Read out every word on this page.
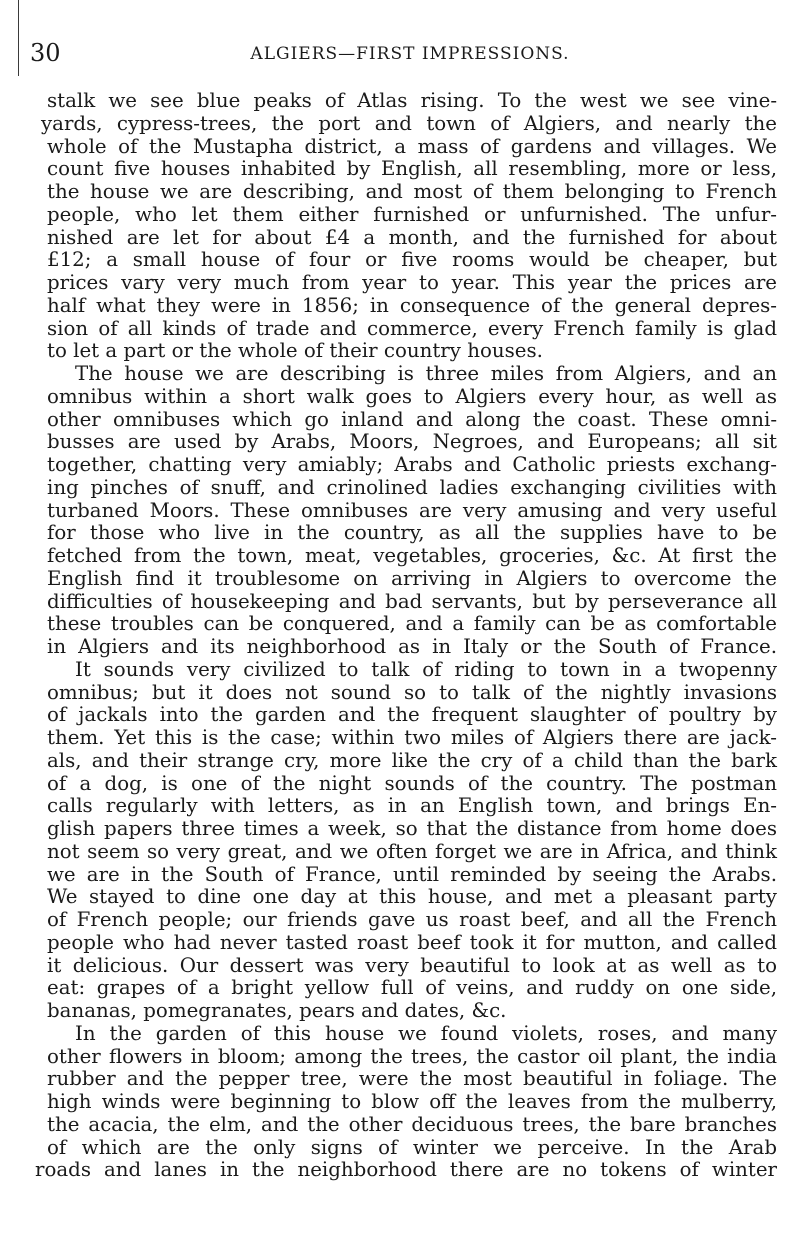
30	ALGIERS—FIRST IMPRESSIONS.
stalk we see blue peaks of Atlas rising. To the west we see vine-
yards, cypress-trees, the port and town of Algiers, and nearly the
whole of the Mustapha district, a mass of gardens and villages. We
count five houses inhabited by English, all resembling, more or less,
the house we are describing, and most of them belonging to French
people, who let them either furnished or unfurnished. The unfur-
nished are let for about £4 a month, and the furnished for about
£12; a small house of four or five rooms would be cheaper, but
prices vary very much from year to year. This year the prices are
half what they were in 1856; in consequence of the general depres-
sion of all kinds of trade and commerce, every French family is glad
to let a part or the whole of their country houses.
The house we are describing is three miles from Algiers, and an
omnibus within a short walk goes to Algiers every hour, as well as
other omnibuses which go inland and along the coast. These omni-
busses are used by Arabs, Moors, Negroes, and Europeans; all sit
together, chatting very amiably; Arabs and Catholic priests exchang-
ing pinches of snuff, and crinolined ladies exchanging civilities with
turbaned Moors. These omnibuses are very amusing and very useful
for those who live in the country, as all the supplies have to be
fetched from the town, meat, vegetables, groceries, &c. At first the
English find it troublesome on arriving in Algiers to overcome the
difficulties of housekeeping and bad servants, but by perseverance all
these troubles can be conquered, and a family can be as comfortable
in Algiers and its neighborhood as in Italy or the South of France.
It sounds very civilized to talk of riding to town in a twopenny
omnibus; but it does not sound so to talk of the nightly invasions
of jackals into the garden and the frequent slaughter of poultry by
them. Yet this is the case; within two miles of Algiers there are jack-
als, and their strange cry, more like the cry of a child than the bark
of a dog, is one of the night sounds of the country. The postman
calls regularly with letters, as in an English town, and brings En-
glish papers three times a week, so that the distance from home does
not seem so very great, and we often forget we are in Africa, and think
we are in the South of France, until reminded by seeing the Arabs.
We stayed to dine one day at this house, and met a pleasant party
of French people; our friends gave us roast beef, and all the French
people who had never tasted roast beef took it for mutton, and called
it delicious. Our dessert was very beautiful to look at as well as to
eat: grapes of a bright yellow full of veins, and ruddy on one side,
bananas, pomegranates, pears and dates, &c.
In the garden of this house we found violets, roses, and many
other flowers in bloom; among the trees, the castor oil plant, the india
rubber and the pepper tree, were the most beautiful in foliage. The
high winds were beginning to blow off the leaves from the mulberry,
the acacia, the elm, and the other deciduous trees, the bare branches
of which are the only signs of winter we perceive. In the Arab
roads and lanes in the neighborhood there are no tokens of winter
